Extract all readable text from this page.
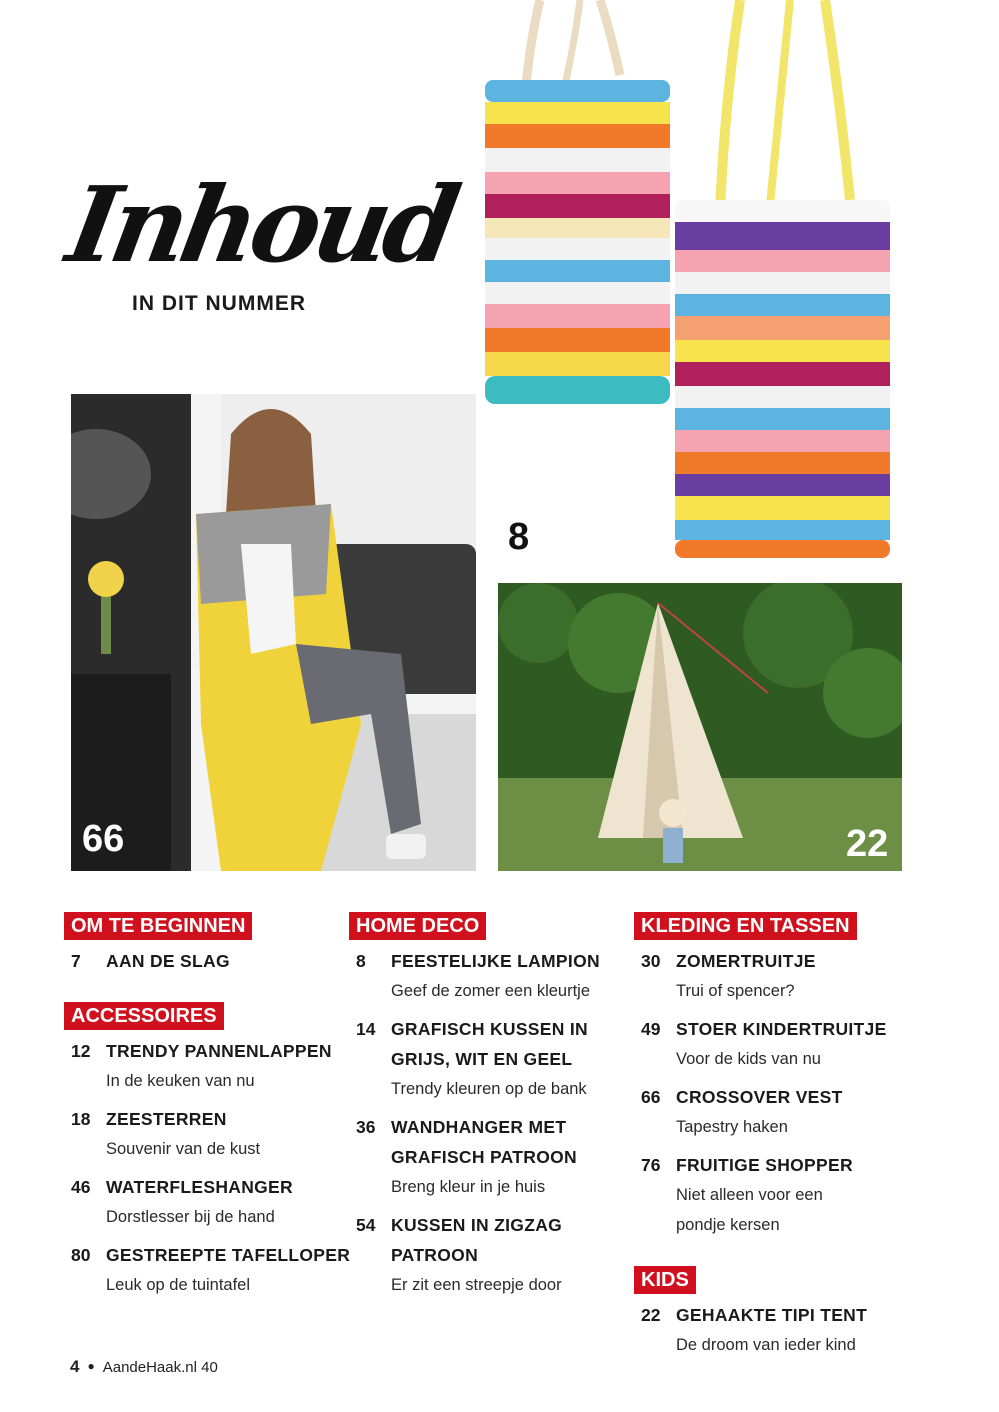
Inhoud
IN DIT NUMMER
8
66	22
OM TE BEGINNEN
7 AAN DE SLAG
ACCESSOIRES
12 TRENDY PANNENLAPPEN
In de keuken van nu
18 ZEESTERREN
Souvenir van de kust
46 WATERFLESHANGER
Dorstlesser bij de hand
80 GESTREEPTE TAFELLOPER
Leuk op de tuintafel
HOME DECO
8 FEESTELIJKE LAMPION
Geef de zomer een kleurtje
14 GRAFISCH KUSSEN IN GRIJS, WIT EN GEEL
Trendy kleuren op de bank
36 WANDHANGER MET GRAFISCH PATROON
Breng kleur in je huis
54 KUSSEN IN ZIGZAG PATROON
Er zit een streepje door
KLEDING EN TASSEN
30 ZOMERTRUITJE
Trui of spencer?
49 STOER KINDERTRUITJE
Voor de kids van nu
66 CROSSOVER VEST
Tapestry haken
76 FRUITIGE SHOPPER
Niet alleen voor een pondje kersen
KIDS
22 GEHAAKTE TIPI TENT
De droom van ieder kind
4 ● AandeHaak.nl 40
